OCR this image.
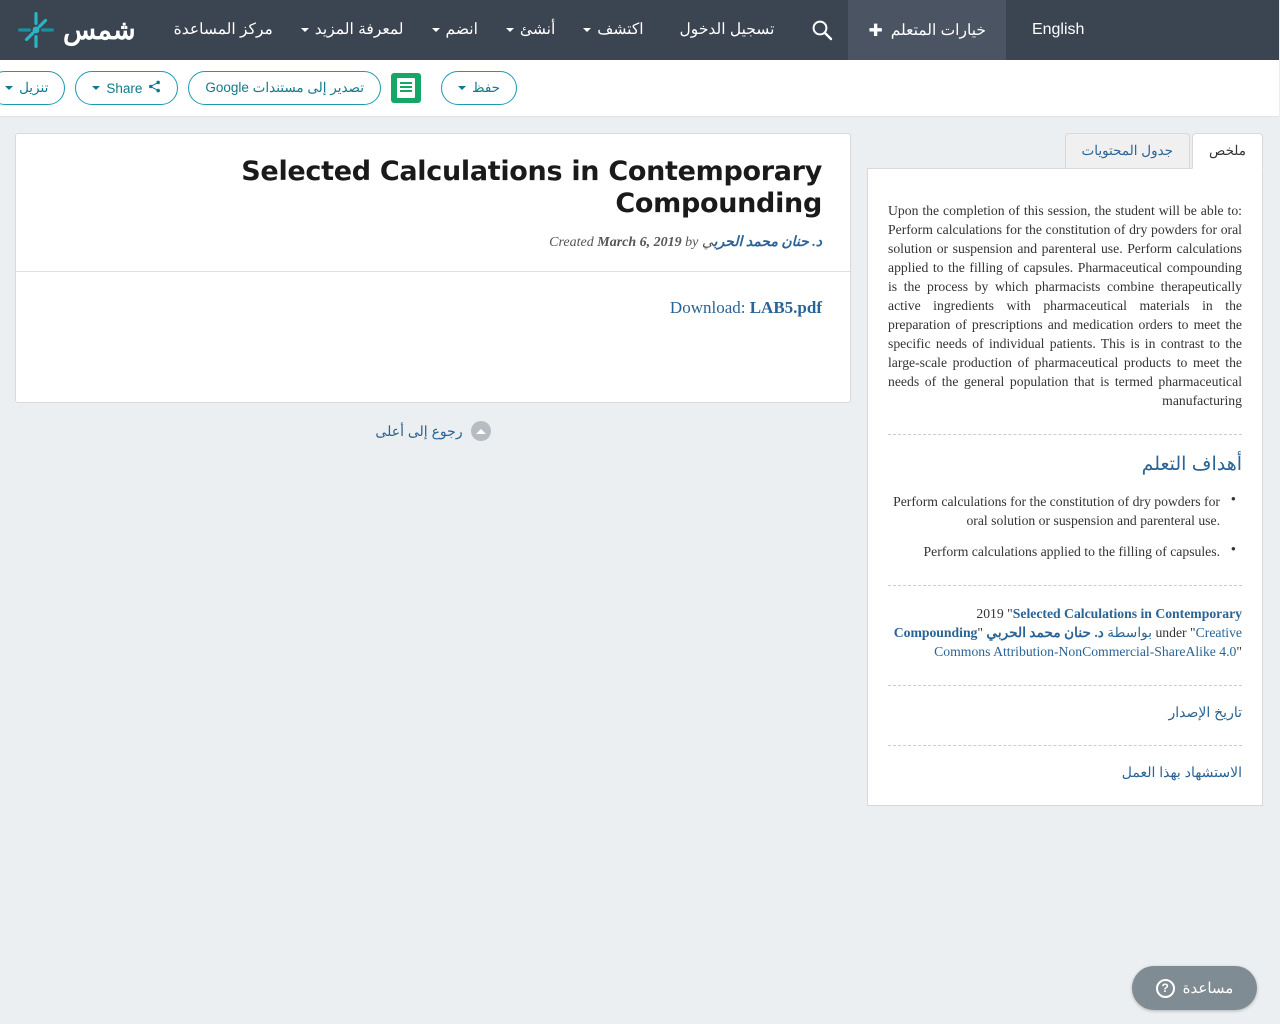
شمس	اكتشف
أنشئ
انضم
لمعرفة المزيد
مركز المساعدة	تسجيل الدخول	خيارات المتعلم
✚	English
حفظ
تصدير إلى مستندات Google
Share
تنزيل
Selected Calculations in Contemporary Compounding
Created March 6, 2019 by د. حنان محمد الحربي
Download: LAB5.pdf
رجوع إلى أعلى
ملخص
جدول المحتويات

Upon the completion of this session, the student will be able to: Perform calculations for the constitution of dry powders for oral solution or suspension and parenteral use. Perform calculations applied to the filling of capsules. Pharmaceutical compounding is the process by which pharmacists combine therapeutically active ingredients with pharmaceutical materials in the preparation of prescriptions and medication orders to meet the specific needs of individual patients. This is in contrast to the large-scale production of pharmaceutical products to meet the needs of the general population that is termed pharmaceutical manufacturing

أهداف التعلم
• Perform calculations for the constitution of dry powders for oral solution or suspension and parenteral use.
• Perform calculations applied to the filling of capsules.
2019 "Selected Calculations in Contemporary Compounding"	بواسطة د. حنان محمد الحربي	under "Creative Commons Attribution-NonCommercial-ShareAlike 4.0"
تاريخ الإصدار
الاستشهاد بهذا العمل
مساعدة
?
